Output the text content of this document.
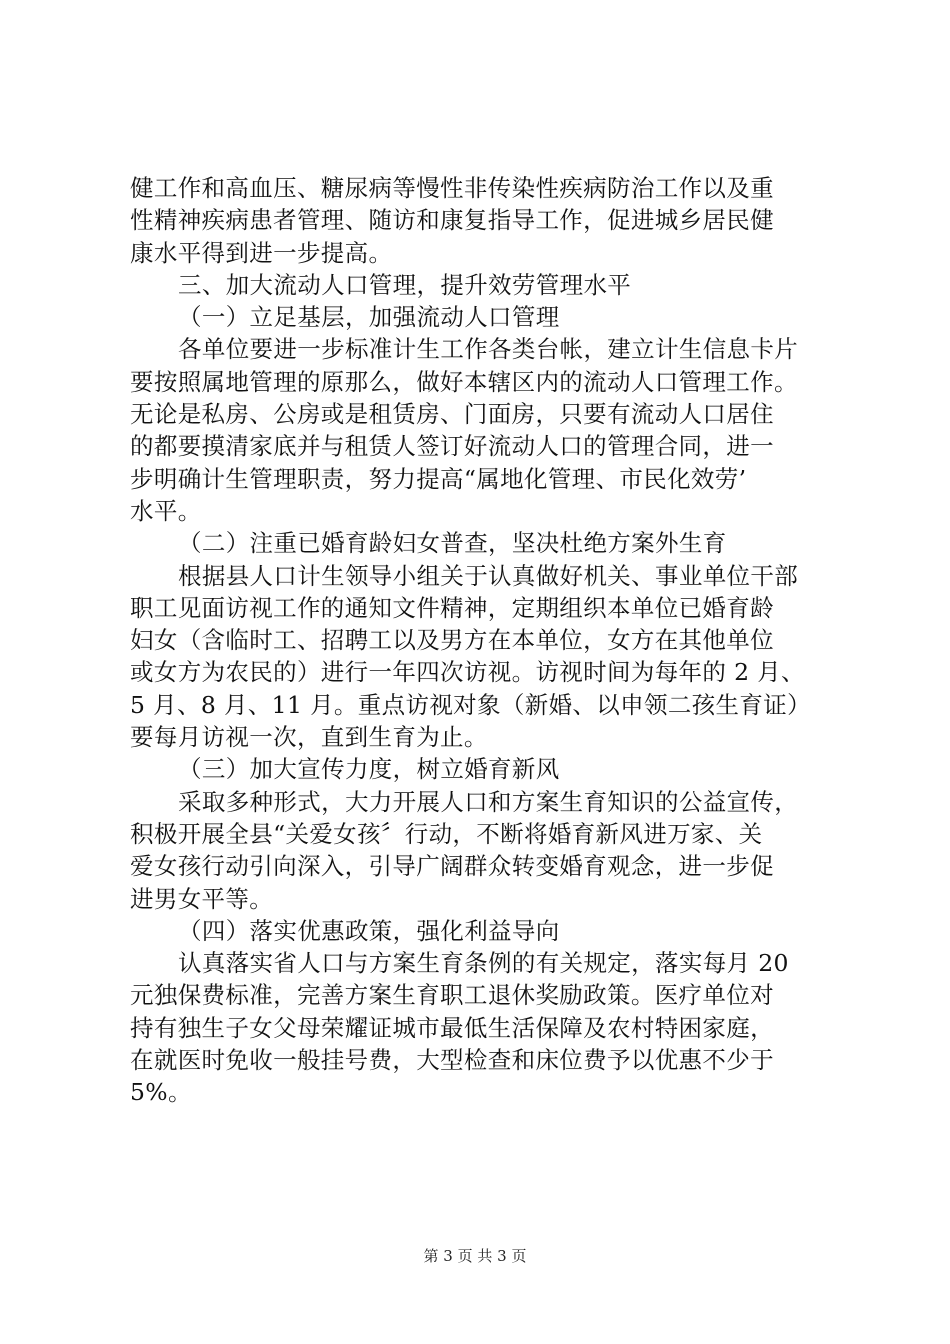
健工作和高血压、糖尿病等慢性非传染性疾病防治工作以及重
性精神疾病患者管理、随访和康复指导工作，促进城乡居民健
康水平得到进一步提高。
三、加大流动人口管理，提升效劳管理水平
（一）立足基层，加强流动人口管理
各单位要进一步标准计生工作各类台帐，建立计生信息卡片
要按照属地管理的原那么，做好本辖区内的流动人口管理工作。
无论是私房、公房或是租赁房、门面房，只要有流动人口居住
的都要摸清家底并与租赁人签订好流动人口的管理合同，进一
步明确计生管理职责，努力提高“属地化管理、市民化效劳’
水平。
（二）注重已婚育龄妇女普查，坚决杜绝方案外生育
根据县人口计生领导小组关于认真做好机关、事业单位干部
职工见面访视工作的通知文件精神，定期组织本单位已婚育龄
妇女（含临时工、招聘工以及男方在本单位，女方在其他单位
或女方为农民的）进行一年四次访视。访视时间为每年的 2 月、
5 月、8 月、11 月。重点访视对象（新婚、以申领二孩生育证）
要每月访视一次，直到生育为止。
（三）加大宣传力度，树立婚育新风
采取多种形式，大力开展人口和方案生育知识的公益宣传，
积极开展全县“关爱女孩〞行动，不断将婚育新风进万家、关
爱女孩行动引向深入，引导广阔群众转变婚育观念，进一步促
进男女平等。
（四）落实优惠政策，强化利益导向
认真落实省人口与方案生育条例的有关规定，落实每月 20
元独保费标准，完善方案生育职工退休奖励政策。医疗单位对
持有独生子女父母荣耀证城市最低生活保障及农村特困家庭，
在就医时免收一般挂号费，大型检查和床位费予以优惠不少于
5%。
第 3 页 共 3 页
